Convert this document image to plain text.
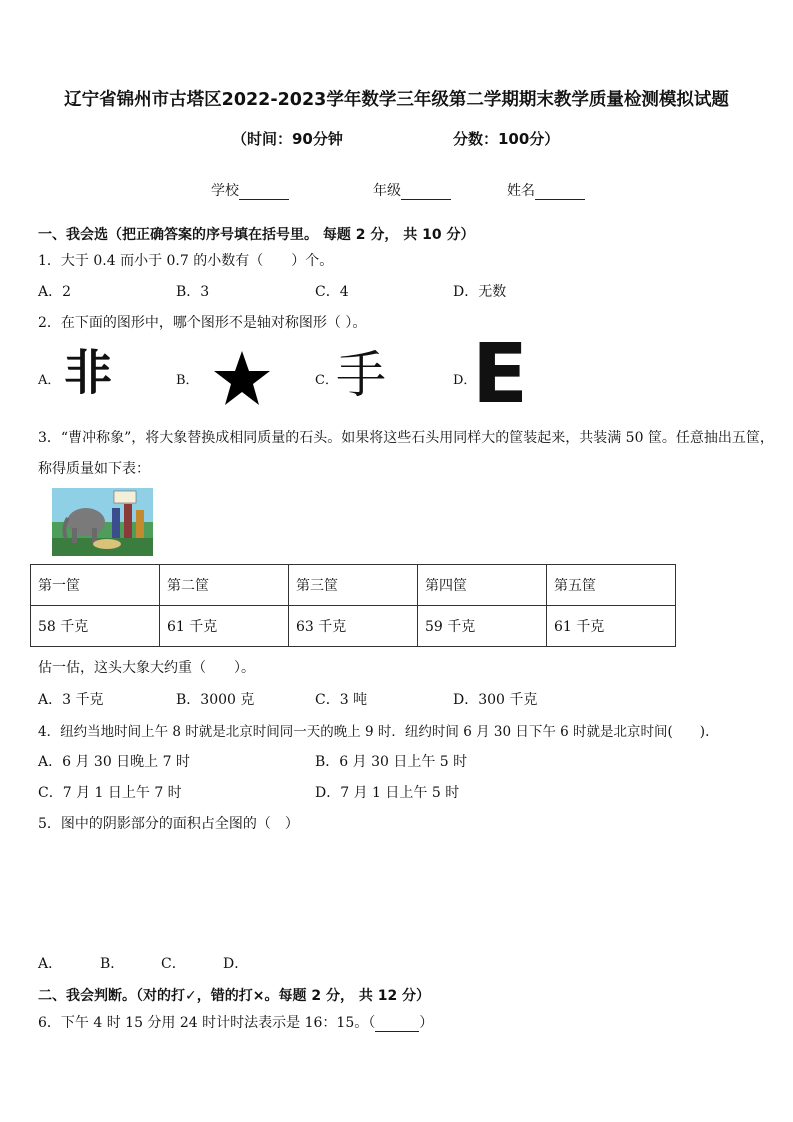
辽宁省锦州市古塔区2022-2023学年数学三年级第二学期期末教学质量检测模拟试题
（时间：90分钟	分数：100分）
学校	年级	姓名
一、我会选（把正确答案的序号填在括号里。 每题 2 分， 共 10 分）
1．大于 0.4 而小于 0.7 的小数有（　　）个。
A．2	B．3	C．4	D．无数
2．在下面的图形中，哪个图形不是轴对称图形（ ）。
A． 非	B．	C．
手	D．
E
3．“曹冲称象”，将大象替换成相同质量的石头。如果将这些石头用同样大的筐装起来，共装满 50 筐。任意抽出五筐，
称得质量如下表：
第一筐	第二筐	第三筐	第四筐	第五筐
58 千克	61 千克	63 千克	59 千克	61 千克
估一估，这头大象大约重（　　）。
A．3 千克	B．3000 克	C．3 吨	D．300 千克
4．纽约当地时间上午 8 时就是北京时间同一天的晚上 9 时．纽约时间 6 月 30 日下午 6 时就是北京时间(　　).
A．6 月 30 日晚上 7 时	B．6 月 30 日上午 5 时
C．7 月 1 日上午 7 时	D．7 月 1 日上午 5 时
5．图中的阴影部分的面积占全图的（　）
A．	B．	C．	D．
二、我会判断。（对的打✓，错的打×。每题 2 分， 共 12 分）
6．下午 4 时 15 分用 24 时计时法表示是 16：15。（	）
